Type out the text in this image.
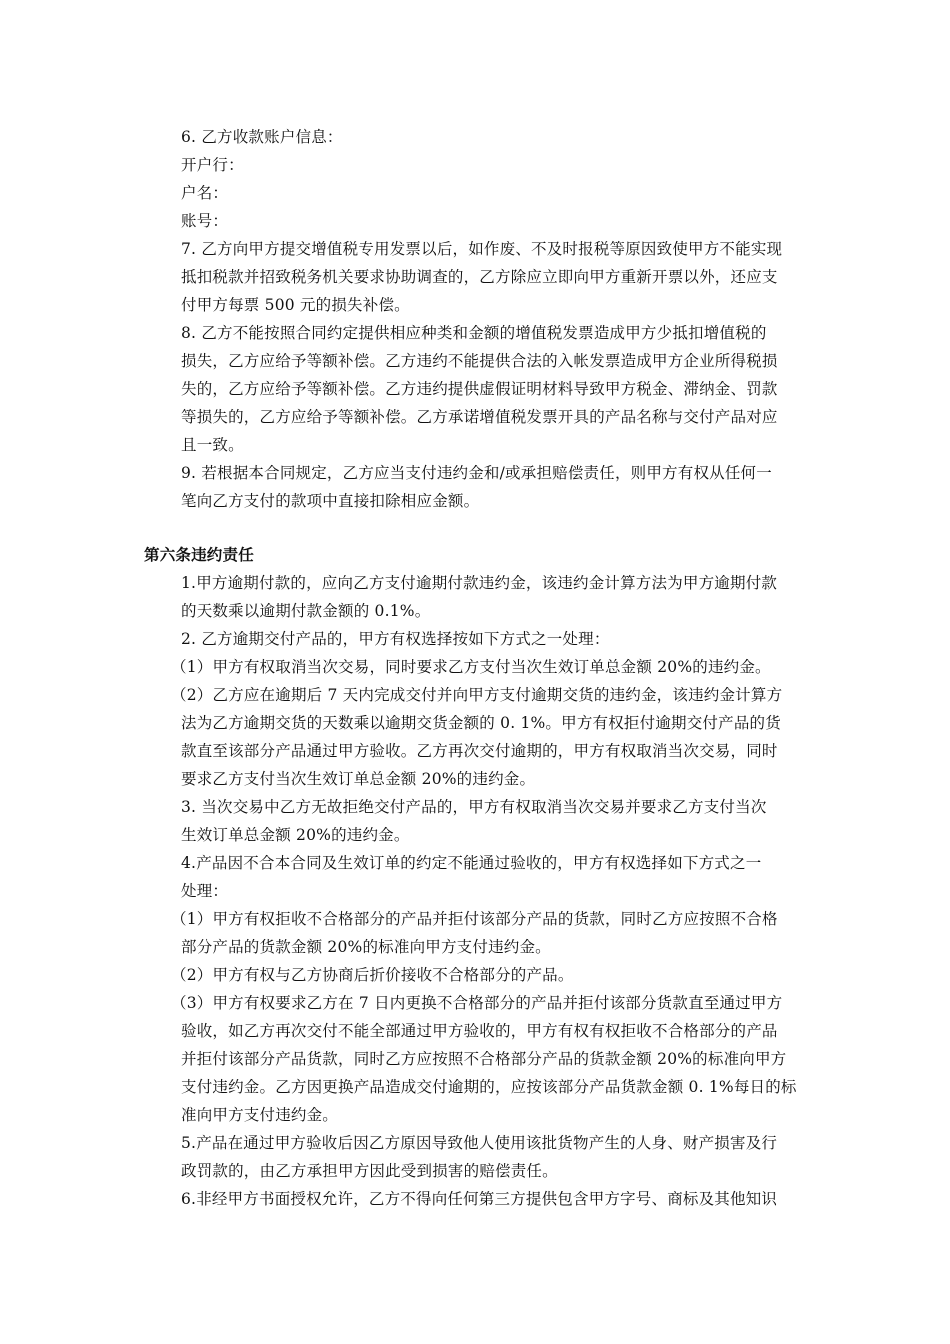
6. 乙方收款账户信息：
开户行：
户名：
账号：
7. 乙方向甲方提交增值税专用发票以后，如作废、不及时报税等原因致使甲方不能实现
抵扣税款并招致税务机关要求协助调查的，乙方除应立即向甲方重新开票以外，还应支
付甲方每票 500 元的损失补偿。
8. 乙方不能按照合同约定提供相应种类和金额的增值税发票造成甲方少抵扣增值税的
损失，乙方应给予等额补偿。乙方违约不能提供合法的入帐发票造成甲方企业所得税损
失的，乙方应给予等额补偿。乙方违约提供虚假证明材料导致甲方税金、滞纳金、罚款
等损失的，乙方应给予等额补偿。乙方承诺增值税发票开具的产品名称与交付产品对应
且一致。
9. 若根据本合同规定，乙方应当支付违约金和/或承担赔偿责任，则甲方有权从任何一
笔向乙方支付的款项中直接扣除相应金额。
第六条违约责任
1.甲方逾期付款的，应向乙方支付逾期付款违约金，该违约金计算方法为甲方逾期付款
的天数乘以逾期付款金额的 0.1%。
2. 乙方逾期交付产品的，甲方有权选择按如下方式之一处理：
（1）甲方有权取消当次交易，同时要求乙方支付当次生效订单总金额 20%的违约金。
（2）乙方应在逾期后 7 天内完成交付并向甲方支付逾期交货的违约金，该违约金计算方
法为乙方逾期交货的天数乘以逾期交货金额的 0. 1%。甲方有权拒付逾期交付产品的货
款直至该部分产品通过甲方验收。乙方再次交付逾期的，甲方有权取消当次交易，同时
要求乙方支付当次生效订单总金额 20%的违约金。
3. 当次交易中乙方无故拒绝交付产品的，甲方有权取消当次交易并要求乙方支付当次
生效订单总金额 20%的违约金。
4.产品因不合本合同及生效订单的约定不能通过验收的，甲方有权选择如下方式之一
处理：
（1）甲方有权拒收不合格部分的产品并拒付该部分产品的货款，同时乙方应按照不合格
部分产品的货款金额 20%的标准向甲方支付违约金。
（2）甲方有权与乙方协商后折价接收不合格部分的产品。
（3）甲方有权要求乙方在 7 日内更换不合格部分的产品并拒付该部分货款直至通过甲方
验收，如乙方再次交付不能全部通过甲方验收的，甲方有权有权拒收不合格部分的产品
并拒付该部分产品货款，同时乙方应按照不合格部分产品的货款金额 20%的标准向甲方
支付违约金。乙方因更换产品造成交付逾期的，应按该部分产品货款金额 0. 1%每日的标
准向甲方支付违约金。
5.产品在通过甲方验收后因乙方原因导致他人使用该批货物产生的人身、财产损害及行
政罚款的，由乙方承担甲方因此受到损害的赔偿责任。
6.非经甲方书面授权允许，乙方不得向任何第三方提供包含甲方字号、商标及其他知识
